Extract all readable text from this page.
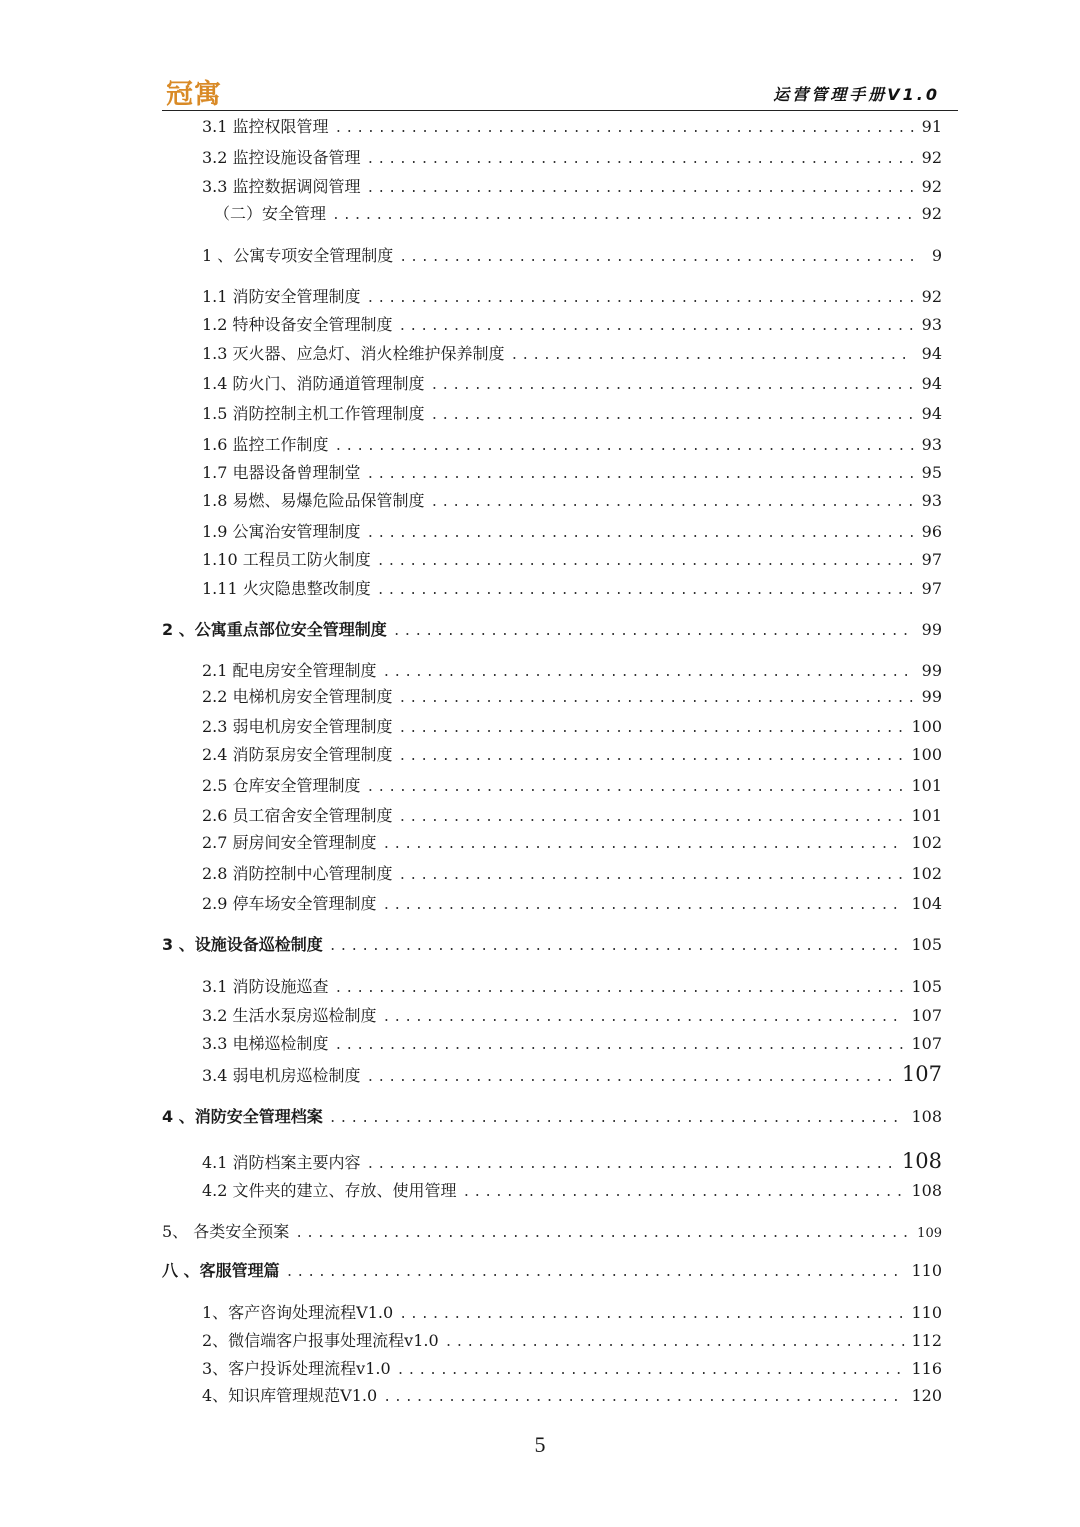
冠寓	运营管理手册V1.0
3.1 监控权限管理 .....	91
3.2 监控设施设备管理 .....	92
3.3 监控数据调阅管理 .....	92
（二）安全管理 .....	92
1 、公寓专项安全管理制度 .....	9
1.1 消防安全管理制度 .....	92
1.2 特种设备安全管理制度 .....	93
1.3 灭火器、应急灯、消火栓维护保养制度 .....	94
1.4 防火门、消防通道管理制度 .....	94
1.5 消防控制主机工作管理制度 .....	94
1.6 监控工作制度 .....	93
1.7 电器设备曾理制堂 .....	95
1.8 易燃、易爆危险品保管制度 .....	93
1.9 公寓治安管理制度 .....	96
1.10 工程员工防火制度 .....	97
1.11 火灾隐患整改制度 .....	97
2 、公寓重点部位安全管理制度 .....	99
2.1 配电房安全管理制度 .....	99
2.2 电梯机房安全管理制度 .....	99
2.3 弱电机房安全管理制度 .....	100
2.4 消防泵房安全管理制度 .....	100
2.5 仓库安全管理制度 .....	101
2.6 员工宿舍安全管理制度 .....	101
2.7 厨房间安全管理制度 .....	102
2.8 消防控制中心管理制度 .....	102
2.9 停车场安全管理制度 .....	104
3 、设施设备巡检制度 .....	105
3.1 消防设施巡查 .....	105
3.2 生活水泵房巡检制度 .....	107
3.3 电梯巡检制度 .....	107
3.4 弱电机房巡检制度 .....	107
4 、消防安全管理档案 .....	108
4.1 消防档案主要内容 .....	108
4.2 文件夹的建立、存放、使用管理 .....	108
5、 各类安全预案 .....	109
八 、客服管理篇 .....	110
1、客产咨询处理流程V1.0 .....	110
2、微信端客户报事处理流程v1.0 .....	112
3、客户投诉处理流程v1.0 .....	116
4、知识库管理规范V1.0 .....	120
5
